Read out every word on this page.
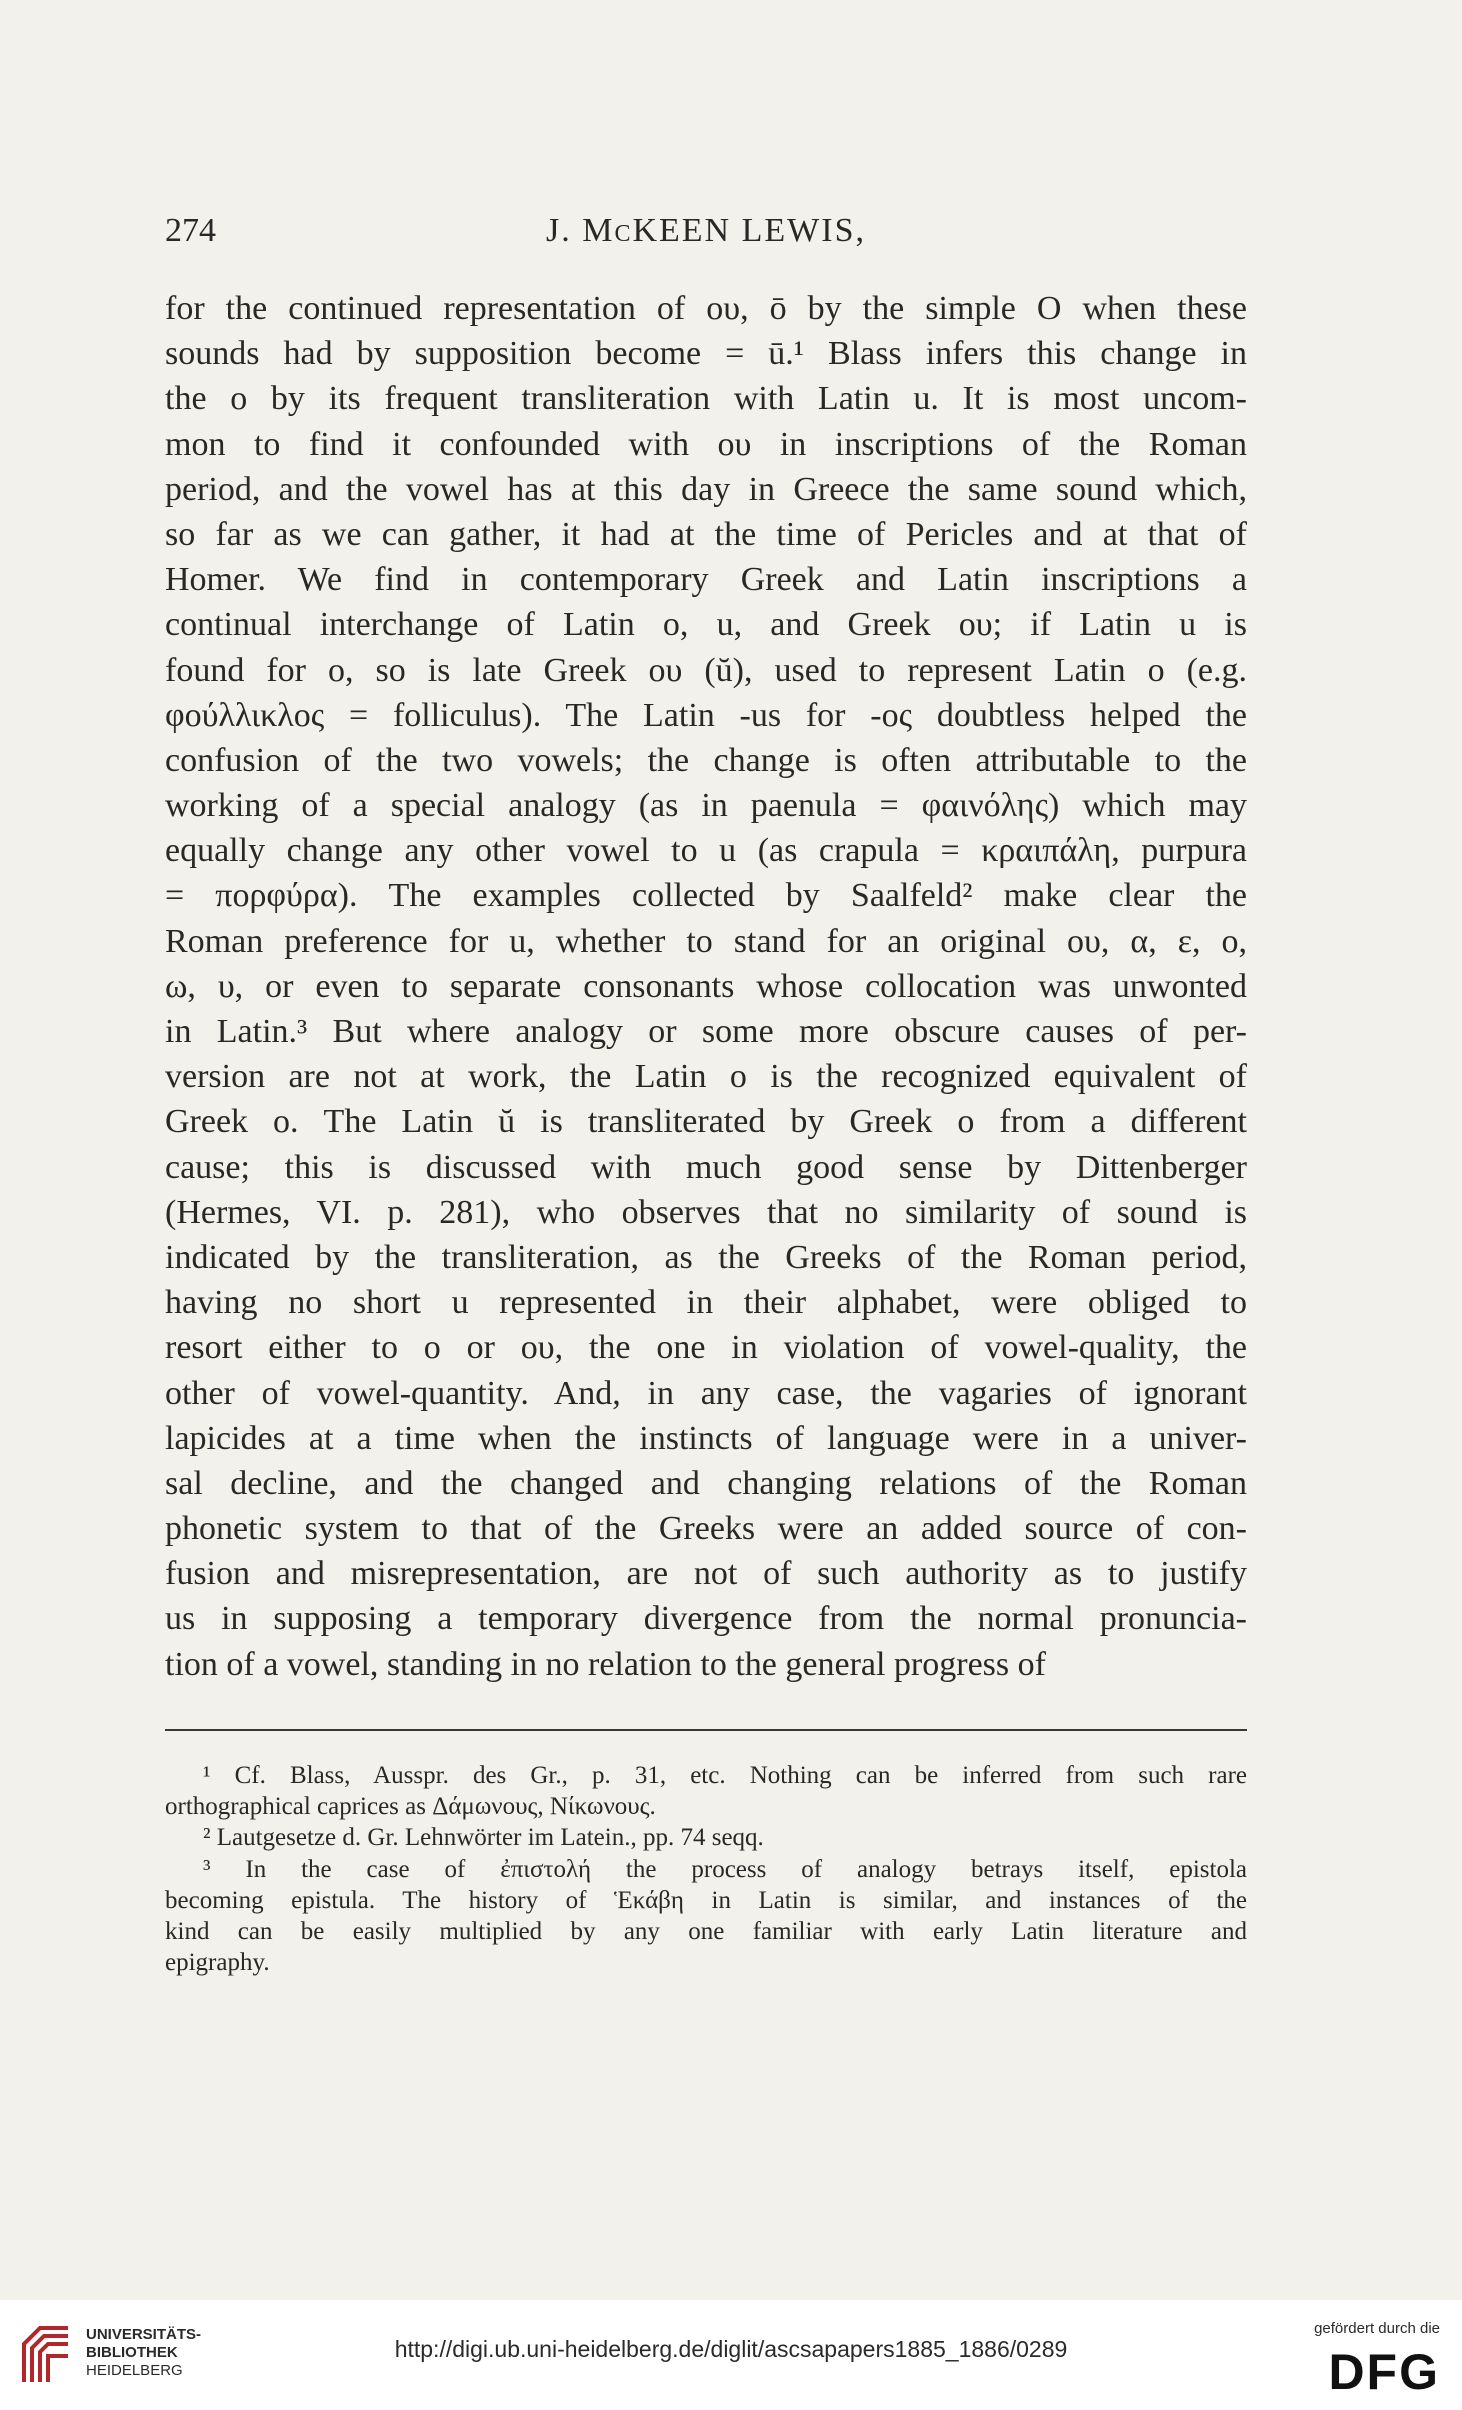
274	J. McKEEN LEWIS,
for the continued representation of ου, ō by the simple O when these
sounds had by supposition become = ū.¹ Blass infers this change in
the ο by its frequent transliteration with Latin u. It is most uncom-
mon to find it confounded with ου in inscriptions of the Roman
period, and the vowel has at this day in Greece the same sound which,
so far as we can gather, it had at the time of Pericles and at that of
Homer. We find in contemporary Greek and Latin inscriptions a
continual interchange of Latin o, u, and Greek ου; if Latin u is
found for ο, so is late Greek ου (ŭ), used to represent Latin o (e.g.
φούλλικλος = folliculus). The Latin -us for -ος doubtless helped the
confusion of the two vowels; the change is often attributable to the
working of a special analogy (as in paenula = φαινόλης) which may
equally change any other vowel to u (as crapula = κραιπάλη, purpura
= πορφύρα). The examples collected by Saalfeld² make clear the
Roman preference for u, whether to stand for an original ου, α, ε, ο,
ω, υ, or even to separate consonants whose collocation was unwonted
in Latin.³ But where analogy or some more obscure causes of per-
version are not at work, the Latin o is the recognized equivalent of
Greek ο. The Latin ŭ is transliterated by Greek ο from a different
cause; this is discussed with much good sense by Dittenberger
(Hermes, VI. p. 281), who observes that no similarity of sound is
indicated by the transliteration, as the Greeks of the Roman period,
having no short u represented in their alphabet, were obliged to
resort either to ο or ου, the one in violation of vowel-quality, the
other of vowel-quantity. And, in any case, the vagaries of ignorant
lapicides at a time when the instincts of language were in a univer-
sal decline, and the changed and changing relations of the Roman
phonetic system to that of the Greeks were an added source of con-
fusion and misrepresentation, are not of such authority as to justify
us in supposing a temporary divergence from the normal pronuncia-
tion of a vowel, standing in no relation to the general progress of
¹ Cf. Blass, Ausspr. des Gr., p. 31, etc. Nothing can be inferred from such rare
orthographical caprices as Δάμωνους, Νίκωνους.
² Lautgesetze d. Gr. Lehnwörter im Latein., pp. 74 seqq.
³ In the case of ἐπιστολή the process of analogy betrays itself, epistola
becoming epistula. The history of Ἑκάβη in Latin is similar, and instances of the
kind can be easily multiplied by any one familiar with early Latin literature and
epigraphy.
UNIVERSITÄTS-
BIBLIOTHEK
HEIDELBERG
http://digi.ub.uni-heidelberg.de/diglit/ascsapapers1885_1886/0289
gefördert durch die
DFG
